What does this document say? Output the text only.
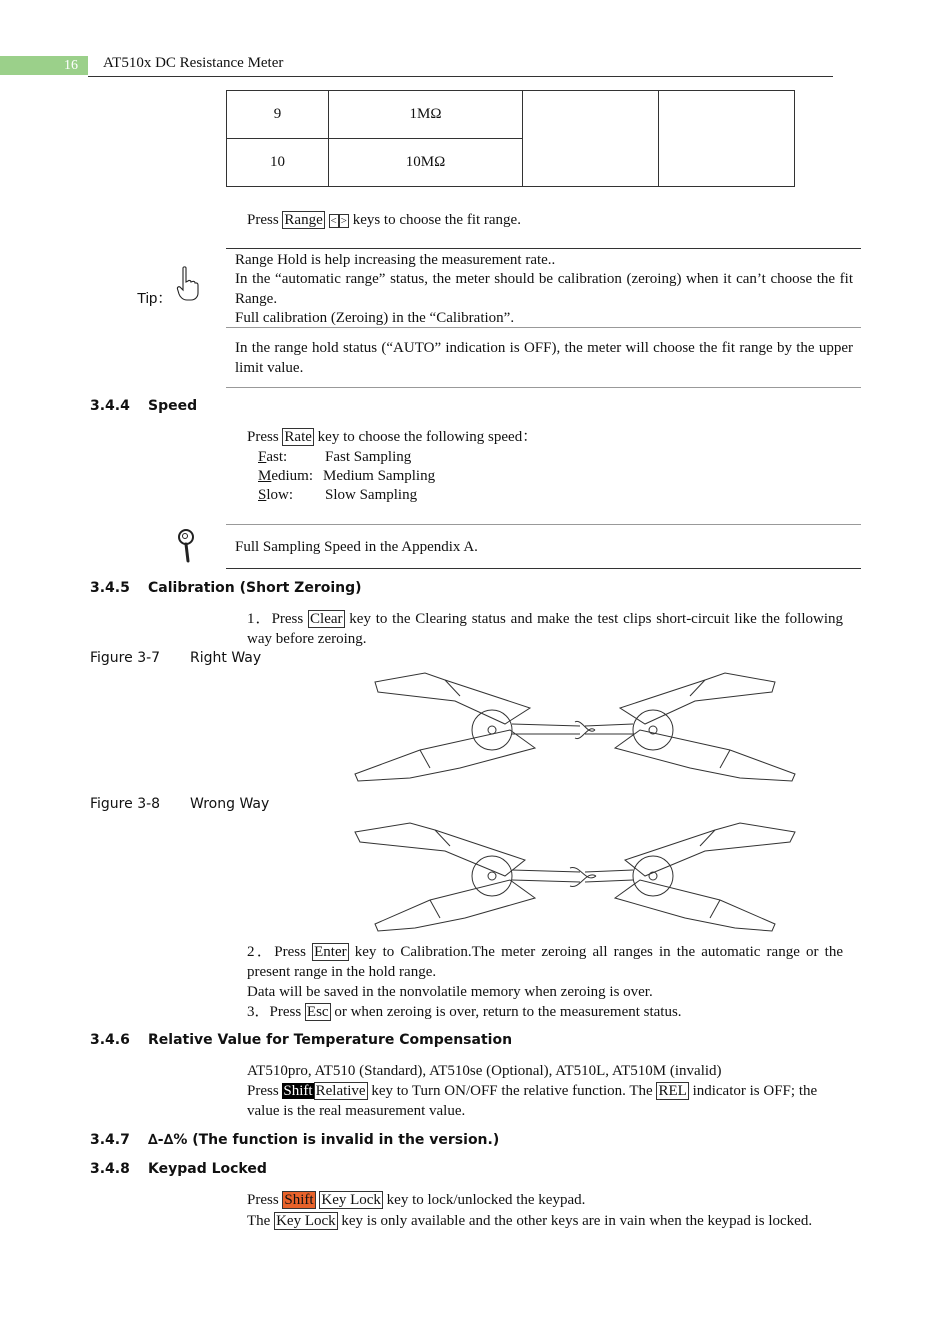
16	AT510x DC Resistance Meter
9	1MΩ		
10	10MΩ		
Press Range < > keys to choose the fit range.
Tip：
Range Hold is help increasing the measurement rate..
In the “automatic range” status, the meter should be calibration (zeroing) when it can’t choose the fit Range.
Full calibration (Zeroing) in the “Calibration”.
In the range hold status (“AUTO” indication is OFF), the meter will choose the fit range by the upper limit value.
3.4.4 Speed
Press Rate key to choose the following speed：
Fast:	Fast Sampling
Medium: Medium Sampling
Slow: Slow Sampling
Full Sampling Speed in the Appendix A.
3.4.5 Calibration (Short Zeroing)
1．Press Clear key to the Clearing status and make the test clips short-circuit like the following way before zeroing.
Figure 3-7 Right Way
Figure 3-8 Wrong Way
2．Press Enter key to Calibration.The meter zeroing all ranges in the automatic range or the present range in the hold range.
Data will be saved in the nonvolatile memory when zeroing is over.
3．Press Esc or when zeroing is over, return to the measurement status.
3.4.6 Relative Value for Temperature Compensation
AT510pro, AT510 (Standard), AT510se (Optional), AT510L, AT510M (invalid)
Press Shift Relative key to Turn ON/OFF the relative function. The REL indicator is OFF; the value is the real measurement value.
3.4.7 ∆-∆% (The function is invalid in the version.)
3.4.8 Keypad Locked
Press Shift Key Lock key to lock/unlocked the keypad.
The Key Lock key is only available and the other keys are in vain when the keypad is locked.
